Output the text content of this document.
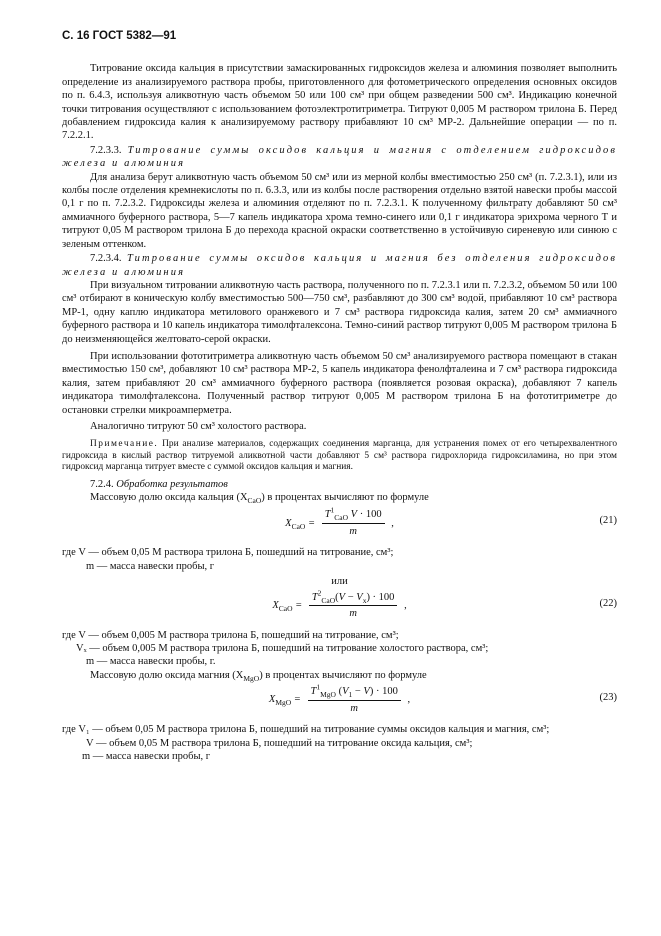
С. 16 ГОСТ 5382—91

Титрование оксида кальция в присутствии замаскированных гидроксидов железа и алюминия позволяет выполнить определение из анализируемого раствора пробы, приготовленного для фотометрического определения основных оксидов по п. 6.4.3, используя аликвотную часть объемом 50 или 100 см³ при общем разведении 500 см³. Индикацию конечной точки титрования осуществляют с использованием фотоэлектротитриметра. Титруют 0,005 М раствором трилона Б. Перед добавлением гидроксида калия к анализируемому раствору прибавляют 10 см³ МР-2. Дальнейшие операции — по п. 7.2.2.1.

7.2.3.3. Титрование суммы оксидов кальция и магния с отделением гидроксидов железа и алюминия

Для анализа берут аликвотную часть объемом 50 см³ или из мерной колбы вместимостью 250 см³ (п. 7.2.3.1), или из колбы после отделения кремнекислоты по п. 6.3.3, или из колбы после растворения отдельно взятой навески пробы массой 0,1 г по п. 7.2.3.2. Гидроксиды железа и алюминия отделяют по п. 7.2.3.1. К полученному фильтрату добавляют 50 см³ аммиачного буферного раствора, 5—7 капель индикатора хрома темно-синего или 0,1 г индикатора эрихрома черного Т и титруют 0,05 М раствором трилона Б до перехода красной окраски соответственно в устойчивую сиреневую или синюю с зеленым оттенком.

7.2.3.4. Титрование суммы оксидов кальция и магния без отделения гидроксидов железа и алюминия

При визуальном титровании аликвотную часть раствора, полученного по п. 7.2.3.1 или п. 7.2.3.2, объемом 50 или 100 см³ отбирают в коническую колбу вместимостью 500—750 см³, разбавляют до 300 см³ водой, прибавляют 10 см³ раствора МР-1, одну каплю индикатора метилового оранжевого и 7 см³ раствора гидроксида калия, затем 20 см³ аммиачного буферного раствора и 10 капель индикатора тимолфталексона. Темно-синий раствор титруют 0,005 М раствором трилона Б до неизменяющейся желтовато-серой окраски.

При использовании фототитриметра аликвотную часть объемом 50 см³ анализируемого раствора помещают в стакан вместимостью 150 см³, добавляют 10 см³ раствора МР-2, 5 капель индикатора фенолфталеина и 7 см³ раствора гидроксида калия, затем прибавляют 20 см³ аммиачного буферного раствора (появляется розовая окраска), добавляют 7 капель индикатора тимолфталексона. Полученный раствор титруют 0,005 М раствором трилона Б на фототитриметре до остановки стрелки микроамперметра.

Аналогично титруют 50 см³ холостого раствора.

Примечание. При анализе материалов, содержащих соединения марганца, для устранения помех от его четырехвалентного гидроксида в кислый раствор титруемой аликвотной части добавляют 5 см³ раствора гидрохлорида гидроксиламина, но при этом гидроксид марганца титрует вместе с суммой оксидов кальция и магния.

7.2.4. Обработка результатов

Массовую долю оксида кальция $(X_{CaO})$ в процентах вычисляют по формуле

$X_{CaO}$ =
$T^1_{CaO}$ V · 100
m
,	(21)

где V — объем 0,05 М раствора трилона Б, пошедший на титрование, см³;

m — масса навески пробы, г

или

$X_{CaO}$ =
$T^2_{CaO}(V - V_x) \cdot 100$
m
,	(22)

где V — объем 0,005 М раствора трилона Б, пошедший на титрование, см³;

Vₓ — объем 0,005 М раствора трилона Б, пошедший на титрование холостого раствора, см³;

m — масса навески пробы, г.

Массовую долю оксида магния $(X_{MgO})$ в процентах вычисляют по формуле

$X_{MgO}$ =
$T^1_{MgO}$ $(V_1 - V) \cdot 100$
m
,	(23)

где V₁ — объем 0,05 М раствора трилона Б, пошедший на титрование суммы оксидов кальция и магния, см³;

V — объем 0,05 М раствора трилона Б, пошедший на титрование оксида кальция, см³;

m — масса навески пробы, г
